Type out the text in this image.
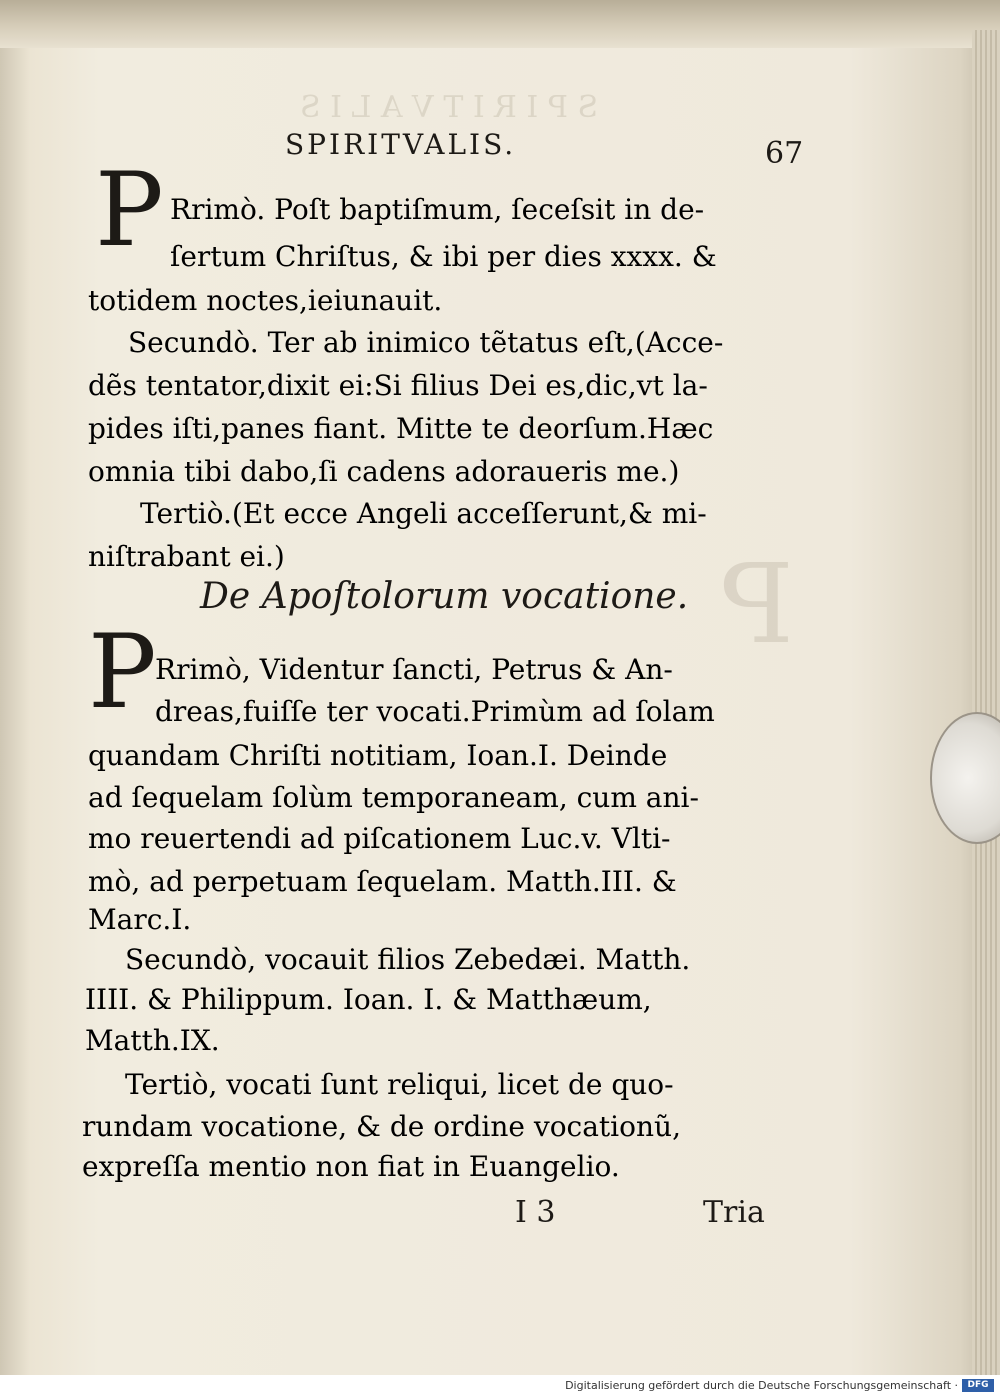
S P I R I T V A L I S
P
SPIRITVALIS.	67
P Rrimò. Poſt baptiſmum, ſeceſsit in de-
ſertum Chriſtus, & ibi per dies xxxx. &
totidem noctes,ieiunauit.
Secundò. Ter ab inimico tẽtatus eſt,(Acce-
dẽs tentator,dixit ei:Si filius Dei es,dic,vt la-
pides iſti,panes fiant. Mitte te deorſum.Hæc
omnia tibi dabo,ſi cadens adoraueris me.)
Tertiò.(Et ecce Angeli acceſſerunt,& mi-
niſtrabant ei.)
De Apoſtolorum vocatione.
P
Rrimò, Videntur ſancti, Petrus & An-
dreas,fuiſſe ter vocati.Primùm ad ſolam
quandam Chriſti notitiam, Ioan.I. Deinde
ad ſequelam ſolùm temporaneam, cum ani-
mo reuertendi ad piſcationem Luc.v. Vlti-
mò, ad perpetuam ſequelam. Matth.III. &
Marc.I.
Secundò, vocauit filios Zebedæi. Matth.
IIII. & Philippum. Ioan. I. & Matthæum,
Matth.IX.
Tertiò, vocati ſunt reliqui, licet de quo-
rundam vocatione, & de ordine vocationũ,
expreſſa mentio non fiat in Euangelio.
I 3	Tria
Digitalisierung gefördert durch die Deutsche Forschungsgemeinschaft ·	DFG
